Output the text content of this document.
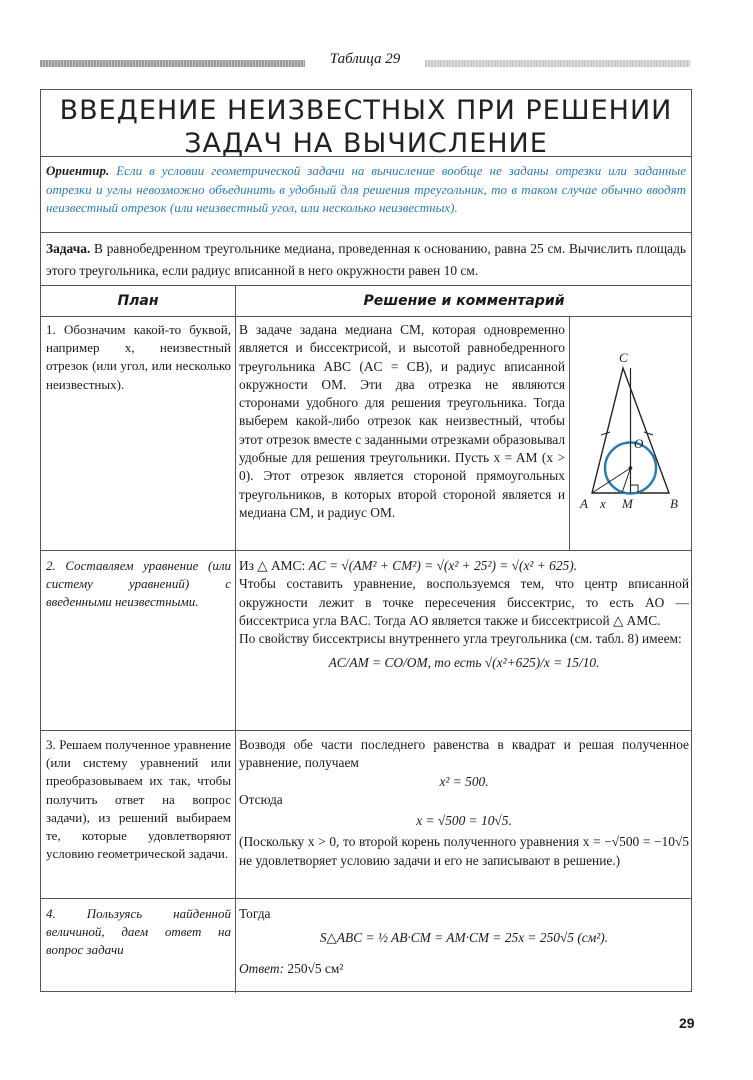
Таблица 29
ВВЕДЕНИЕ НЕИЗВЕСТНЫХ ПРИ РЕШЕНИИ
ЗАДАЧ НА ВЫЧИСЛЕНИЕ
Ориентир. Если в условии геометрической задачи на вычисление вообще не заданы отрезки или заданные отрезки и углы невозможно объединить в удобный для решения треугольник, то в таком случае обычно вводят неизвестный отрезок (или неизвестный угол, или несколько неизвестных).
Задача. В равнобедренном треугольнике медиана, проведенная к основанию, равна 25 см. Вычислить площадь этого треугольника, если радиус вписанной в него окружности равен 10 см.
План	Решение и комментарий
1. Обозначим какой-то буквой, например x, неизвестный отрезок (или угол, или несколько неизвестных).
В задаче задана медиана CM, которая одновременно является и биссектрисой, и высотой равнобедренного треугольника ABC (AC = CB), и радиус вписанной окружности OM. Эти два отрезка не являются сторонами удобного для решения треугольника. Тогда выберем какой-либо отрезок как неизвестный, чтобы этот отрезок вместе с заданными отрезками образовывал удобные для решения треугольники. Пусть x = AM (x > 0). Этот отрезок является стороной прямоугольных треугольников, в которых второй стороной является и медиана CM, и радиус OM.
C
O
A x M	B
2. Составляем уравнение (или систему уравнений) с введенными неизвестными.
Из △ AMC: AC = √(AM² + CM²) = √(x² + 25²) = √(x² + 625).
Чтобы составить уравнение, воспользуемся тем, что центр вписанной окружности лежит в точке пересечения биссектрис, то есть AO — биссектриса угла BAC. Тогда AO является также и биссектрисой △ AMC.
По свойству биссектрисы внутреннего угла треугольника (см. табл. 8) имеем:
AC/AM = CO/OM, то есть √(x²+625)/x = 15/10.
3. Решаем полученное уравнение (или систему уравнений или преобразовываем их так, чтобы получить ответ на вопрос задачи), из решений выбираем те, которые удовлетворяют условию геометрической задачи.
Возводя обе части последнего равенства в квадрат и решая полученное уравнение, получаем
x² = 500.
Отсюда
x = √500 = 10√5.
(Поскольку x > 0, то второй корень полученного уравнения x = −√500 = −10√5 не удовлетворяет условию задачи и его не записывают в решение.)
4. Пользуясь найденной величиной, даем ответ на вопрос задачи
Тогда
S△ABC = ½ AB·CM = AM·CM = 25x = 250√5 (см²).
Ответ: 250√5 см²
29
